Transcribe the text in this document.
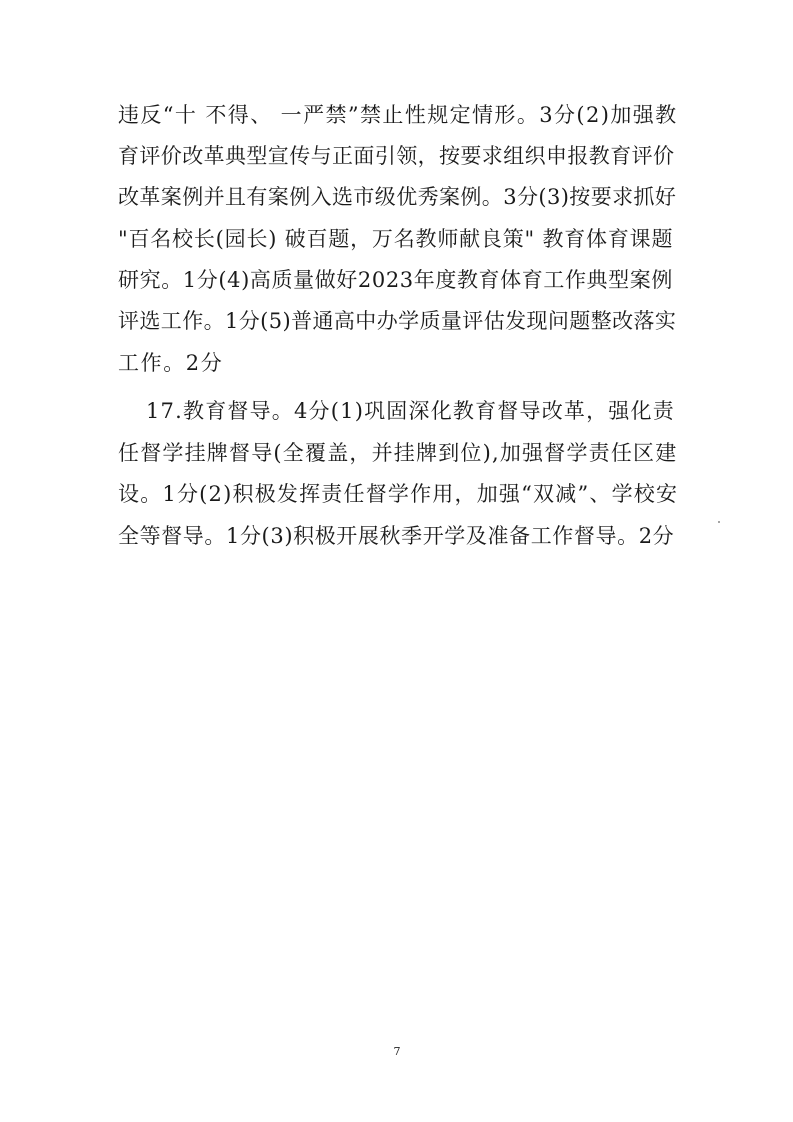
违反“十 不得、 一严禁”禁止性规定情形。3分(2)加强教
育评价改革典型宣传与正面引领，按要求组织申报教育评价
改革案例并且有案例入选市级优秀案例。3分(3)按要求抓好
"百名校长(园长) 破百题，万名教师献良策" 教育体育课题
研究。1分(4)高质量做好2023年度教育体育工作典型案例
评选工作。1分(5)普通高中办学质量评估发现问题整改落实
工作。2分
17.教育督导。4分(1)巩固深化教育督导改革，强化责
任督学挂牌督导(全覆盖，并挂牌到位),加强督学责任区建
设。1分(2)积极发挥责任督学作用，加强“双减”、学校安
全等督导。1分(3)积极开展秋季开学及准备工作督导。2分
7
